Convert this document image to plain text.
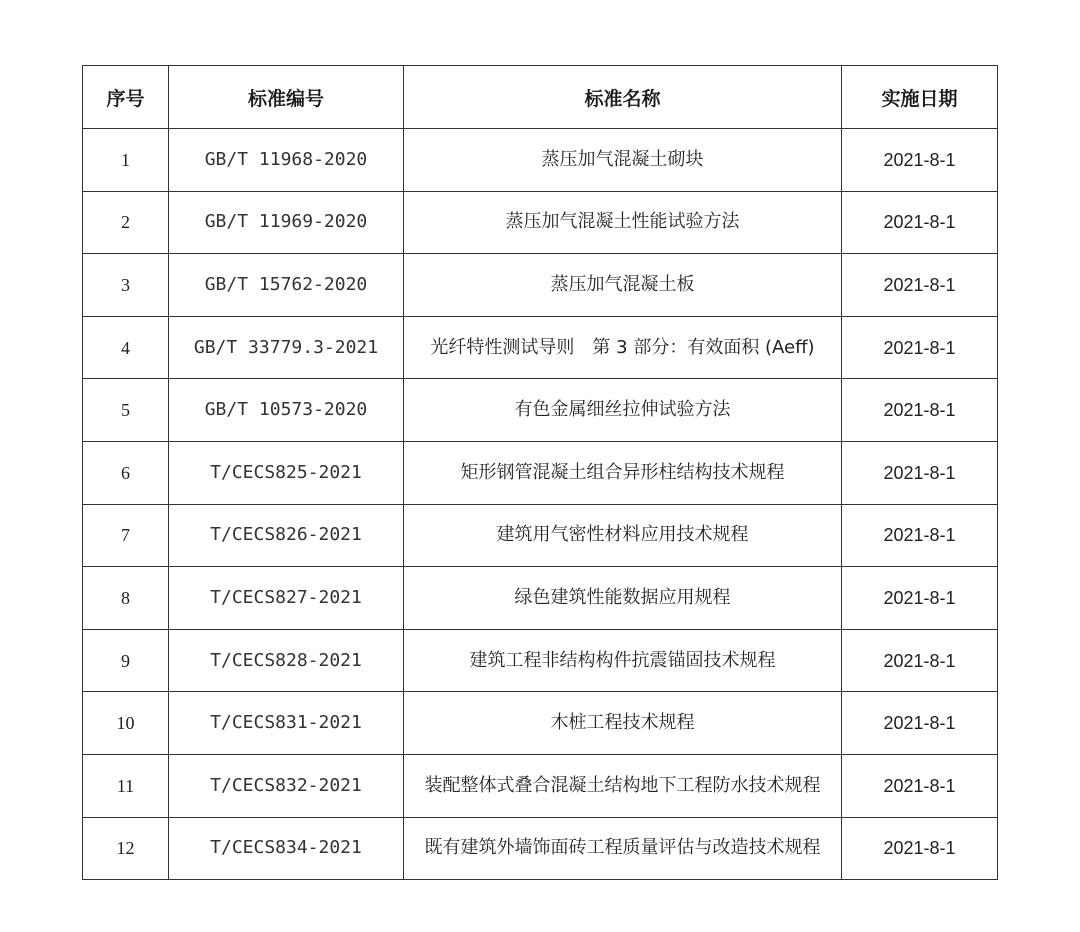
序号	标准编号	标准名称	实施日期
1	GB/T 11968-2020	蒸压加气混凝土砌块	2021-8-1
2	GB/T 11969-2020	蒸压加气混凝土性能试验方法	2021-8-1
3	GB/T 15762-2020	蒸压加气混凝土板	2021-8-1
4	GB/T 33779.3-2021	光纤特性测试导则　第 3 部分：有效面积 (Aeff)	2021-8-1
5	GB/T 10573-2020	有色金属细丝拉伸试验方法	2021-8-1
6	T/CECS825-2021	矩形钢管混凝土组合异形柱结构技术规程	2021-8-1
7	T/CECS826-2021	建筑用气密性材料应用技术规程	2021-8-1
8	T/CECS827-2021	绿色建筑性能数据应用规程	2021-8-1
9	T/CECS828-2021	建筑工程非结构构件抗震锚固技术规程	2021-8-1
10	T/CECS831-2021	木桩工程技术规程	2021-8-1
11	T/CECS832-2021	装配整体式叠合混凝土结构地下工程防水技术规程	2021-8-1
12	T/CECS834-2021	既有建筑外墙饰面砖工程质量评估与改造技术规程	2021-8-1
